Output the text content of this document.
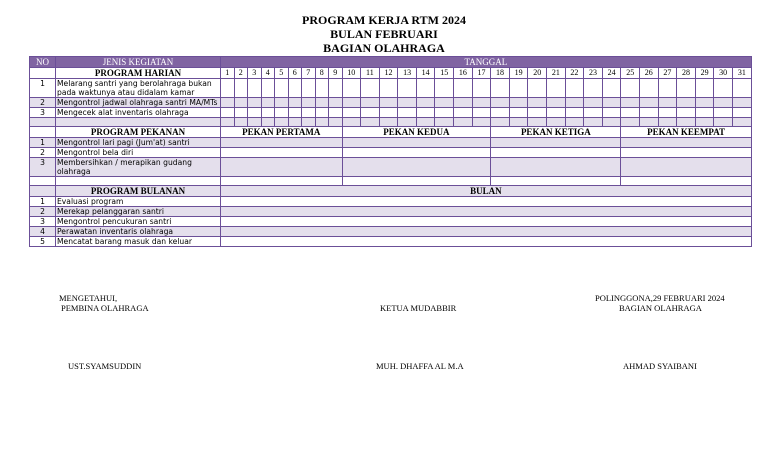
PROGRAM KERJA RTM 2024
BULAN FEBRUARI
BAGIAN OLAHRAGA
NO	JENIS KEGIATAN	TANGGAL																														
	PROGRAM HARIAN	1	2	3	4	5	6	7	8	9	10	11	12	13	14	15	16	17	18	19	20	21	22	23	24	25	26	27	28	29	30	31
1	Melarang santri yang berolahraga bukan pada waktunya atau didalam kamar																															
2	Mengontrol jadwal olahraga santri MA/MTs																															
3	Mengecek alat inventaris olahraga																															

	PROGRAM PEKANAN	PEKAN PERTAMA									PEKAN KEDUA								PEKAN KETIGA							PEKAN KEEMPAT						
1	Mengontrol lari pagi (Jum'at) santri																															
2	Mengontrol bela diri																															
3	Membersihkan / merapikan gudang olahraga																															

	PROGRAM BULANAN	BULAN																														
1	Evaluasi program																															
2	Merekap pelanggaran santri																															
3	Mengontrol pencukuran santri																															
4	Perawatan inventaris olahraga																															
5	Mencatat barang masuk dan keluar																															
MENGETAHUI,
PEMBINA OLAHRAGA
UST.SYAMSUDDIN
KETUA MUDABBIR
MUH. DHAFFA AL M.A
POLINGGONA,29 FEBRUARI 2024
BAGIAN OLAHRAGA
AHMAD SYAIBANI
